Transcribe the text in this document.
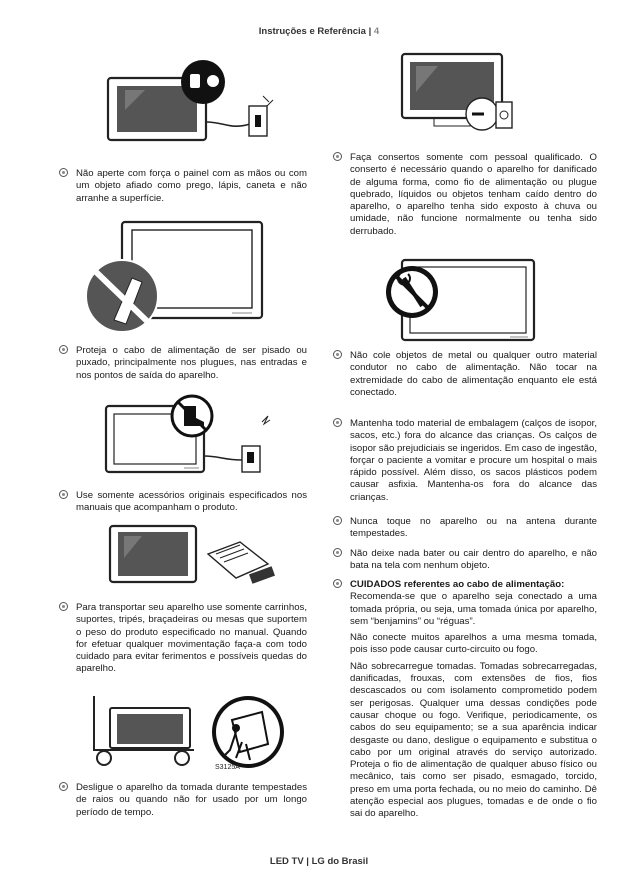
Instruções e Referência | 4
Não aperte com força o painel com as mãos ou com um objeto afiado como prego, lápis, caneta e não arranhe a superfície.
Proteja o cabo de alimentação de ser pisado ou puxado, principalmente nos plugues, nas entradas e nos pontos de saída do aparelho.
Use somente acessórios originais especificados nos manuais que acompanham o produto.
Para transportar seu aparelho use somente carrinhos, suportes, tripés, braçadeiras ou mesas que suportem o peso do produto especificado no manual. Quando for efetuar qualquer movimentação faça-a com todo cuidado para evitar ferimentos e possíveis quedas do aparelho.
S3125A
Desligue o aparelho da tomada durante tempestades de raios ou quando não for usado por um longo período de tempo.
Faça consertos somente com pessoal qualificado. O conserto é necessário quando o aparelho for danificado de alguma forma, como fio de alimentação ou plugue quebrado, líquidos ou objetos tenham caído dentro do aparelho, o aparelho tenha sido exposto à chuva ou umidade, não funcione normalmente ou tenha sido derrubado.
Não cole objetos de metal ou qualquer outro material condutor no cabo de alimentação. Não tocar na extremidade do cabo de alimentação enquanto ele está conectado.
Mantenha todo material de embalagem (calços de isopor, sacos, etc.) fora do alcance das crianças. Os calços de isopor são prejudiciais se ingeridos. Em caso de ingestão, forçar o paciente a vomitar e procure um hospital o mais rápido possível. Além disso, os sacos plásticos podem causar asfixia. Mantenha-os fora do alcance das crianças.
Nunca toque no aparelho ou na antena durante tempestades.
Não deixe nada bater ou cair dentro do aparelho, e não bata na tela com nenhum objeto.
CUIDADOS referentes ao cabo de alimentação:
Recomenda-se que o aparelho seja conectado a uma tomada própria, ou seja, uma tomada única por aparelho, sem “benjamins” ou “réguas”.
Não conecte muitos aparelhos a uma mesma tomada, pois isso pode causar curto-circuito ou fogo.
Não sobrecarregue tomadas. Tomadas sobrecarregadas, danificadas, frouxas, com extensões de fios, fios descascados ou com isolamento comprometido podem ser perigosas. Qualquer uma dessas condições pode causar choque ou fogo. Verifique, periodicamente, os cabos do seu equipamento; se a sua aparência indicar desgaste ou dano, desligue o equipamento e substitua o cabo por um original através do serviço autorizado. Proteja o fio de alimentação de qualquer abuso físico ou mecânico, tais como ser pisado, esmagado, torcido, preso em uma porta fechada, ou no meio do caminho. Dê atenção especial aos plugues, tomadas e de onde o fio sai do aparelho.
LED TV | LG do Brasil
